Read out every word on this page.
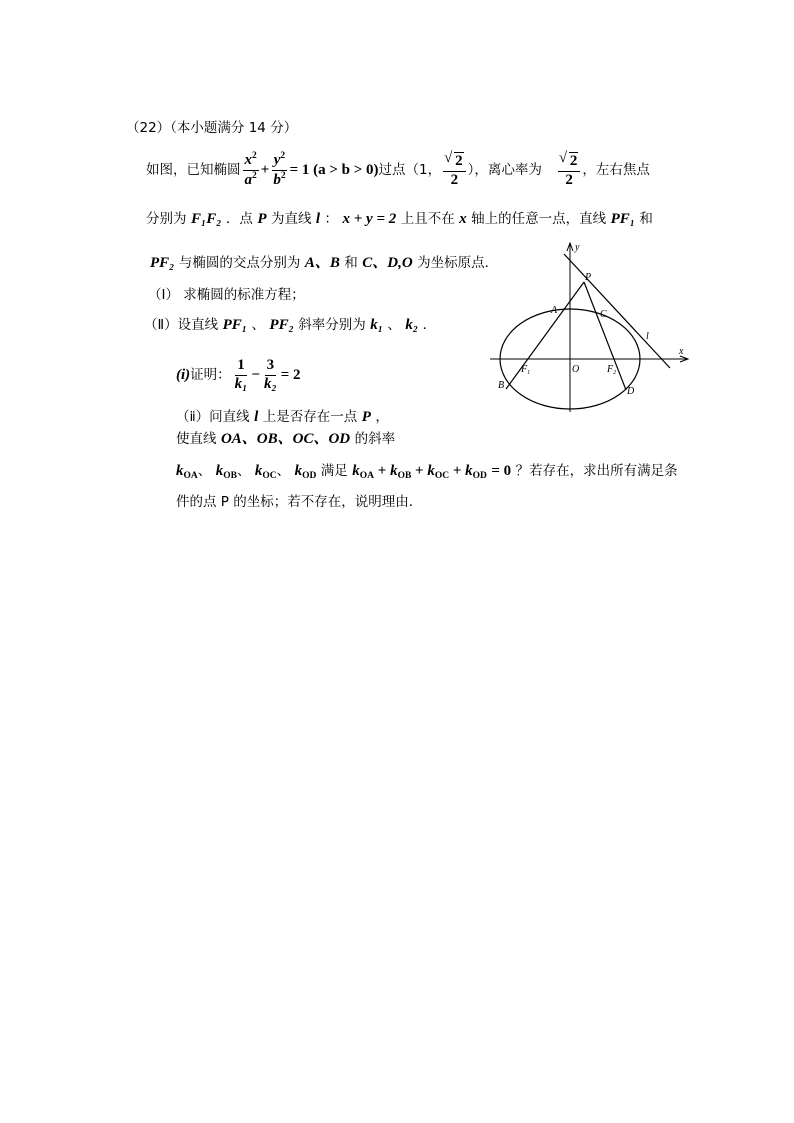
（22）（本小题满分 14 分）
如图，已知椭圆 $\frac{x^2}{a^2} + \frac{y^2}{b^2} = 1$ (a > b > 0) 过点（1， √ $\frac{2}{2}$ ），离心率为 √ $\frac{2}{2}$ ，左右焦点
分别为 F₁F₂ ．点 P 为直线 l ： x + y = 2 上且不在 x 轴上的任意一点，直线 PF₁ 和
PF₂ 与椭圆的交点分别为 A、B 和 C、D,O 为坐标原点．
（Ⅰ） 求椭圆的标准方程；
（Ⅱ）设直线 PF₁ 、 PF₂ 斜率分别为 k₁ 、 k₂ ．
(i) 证明： $\frac{1}{\text{k₁}} - \frac{3}{\text{k₂}} = 2$
（ⅱ）问直线 l 上是否存在一点 P ，
使直线 OA、OB、OC、OD 的斜率
$k_{OA}$、 $k_{OB}$、 $k_{OC}$、 $k_{OD}$ 满足 $k_{OA} + k_{OB} + k_{OC} + k_{OD} = 0$ ？若存在，求出所有满足条
件的点 P 的坐标；若不存在，说明理由．
y
x
P
A	C
l
O
$F_1$	$F_2$
B
D
